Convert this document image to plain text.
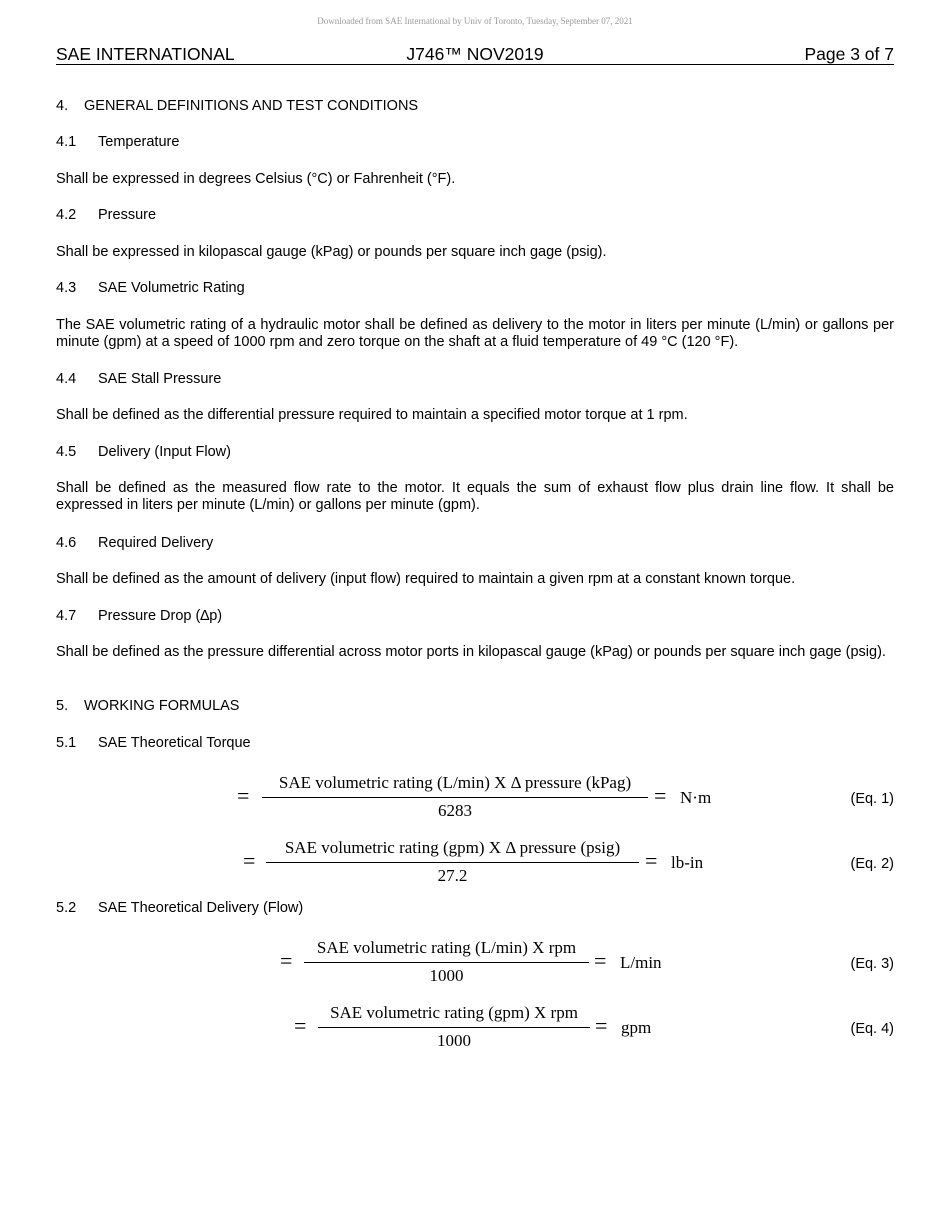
Downloaded from SAE International by Univ of Toronto, Tuesday, September 07, 2021
SAE INTERNATIONAL	J746™ NOV2019	Page 3 of 7
4. GENERAL DEFINITIONS AND TEST CONDITIONS
4.1 Temperature
Shall be expressed in degrees Celsius (°C) or Fahrenheit (°F).
4.2 Pressure
Shall be expressed in kilopascal gauge (kPag) or pounds per square inch gage (psig).
4.3 SAE Volumetric Rating
The SAE volumetric rating of a hydraulic motor shall be defined as delivery to the motor in liters per minute (L/min) or gallons per minute (gpm) at a speed of 1000 rpm and zero torque on the shaft at a fluid temperature of 49 °C (120 °F).
4.4 SAE Stall Pressure
Shall be defined as the differential pressure required to maintain a specified motor torque at 1 rpm.
4.5 Delivery (Input Flow)
Shall be defined as the measured flow rate to the motor. It equals the sum of exhaust flow plus drain line flow. It shall be expressed in liters per minute (L/min) or gallons per minute (gpm).
4.6 Required Delivery
Shall be defined as the amount of delivery (input flow) required to maintain a given rpm at a constant known torque.
4.7 Pressure Drop (∆p)
Shall be defined as the pressure differential across motor ports in kilopascal gauge (kPag) or pounds per square inch gage (psig).
5. WORKING FORMULAS
5.1 SAE Theoretical Torque
=
SAE volumetric rating (L/min) X Δ pressure (kPag)
6283
= N·m	(Eq. 1)
=
SAE volumetric rating (gpm) X Δ pressure (psig)
27.2
= lb-in	(Eq. 2)
5.2 SAE Theoretical Delivery (Flow)
=
SAE volumetric rating (L/min) X rpm
1000
= L/min	(Eq. 3)
=
SAE volumetric rating (gpm) X rpm
1000
= gpm	(Eq. 4)
